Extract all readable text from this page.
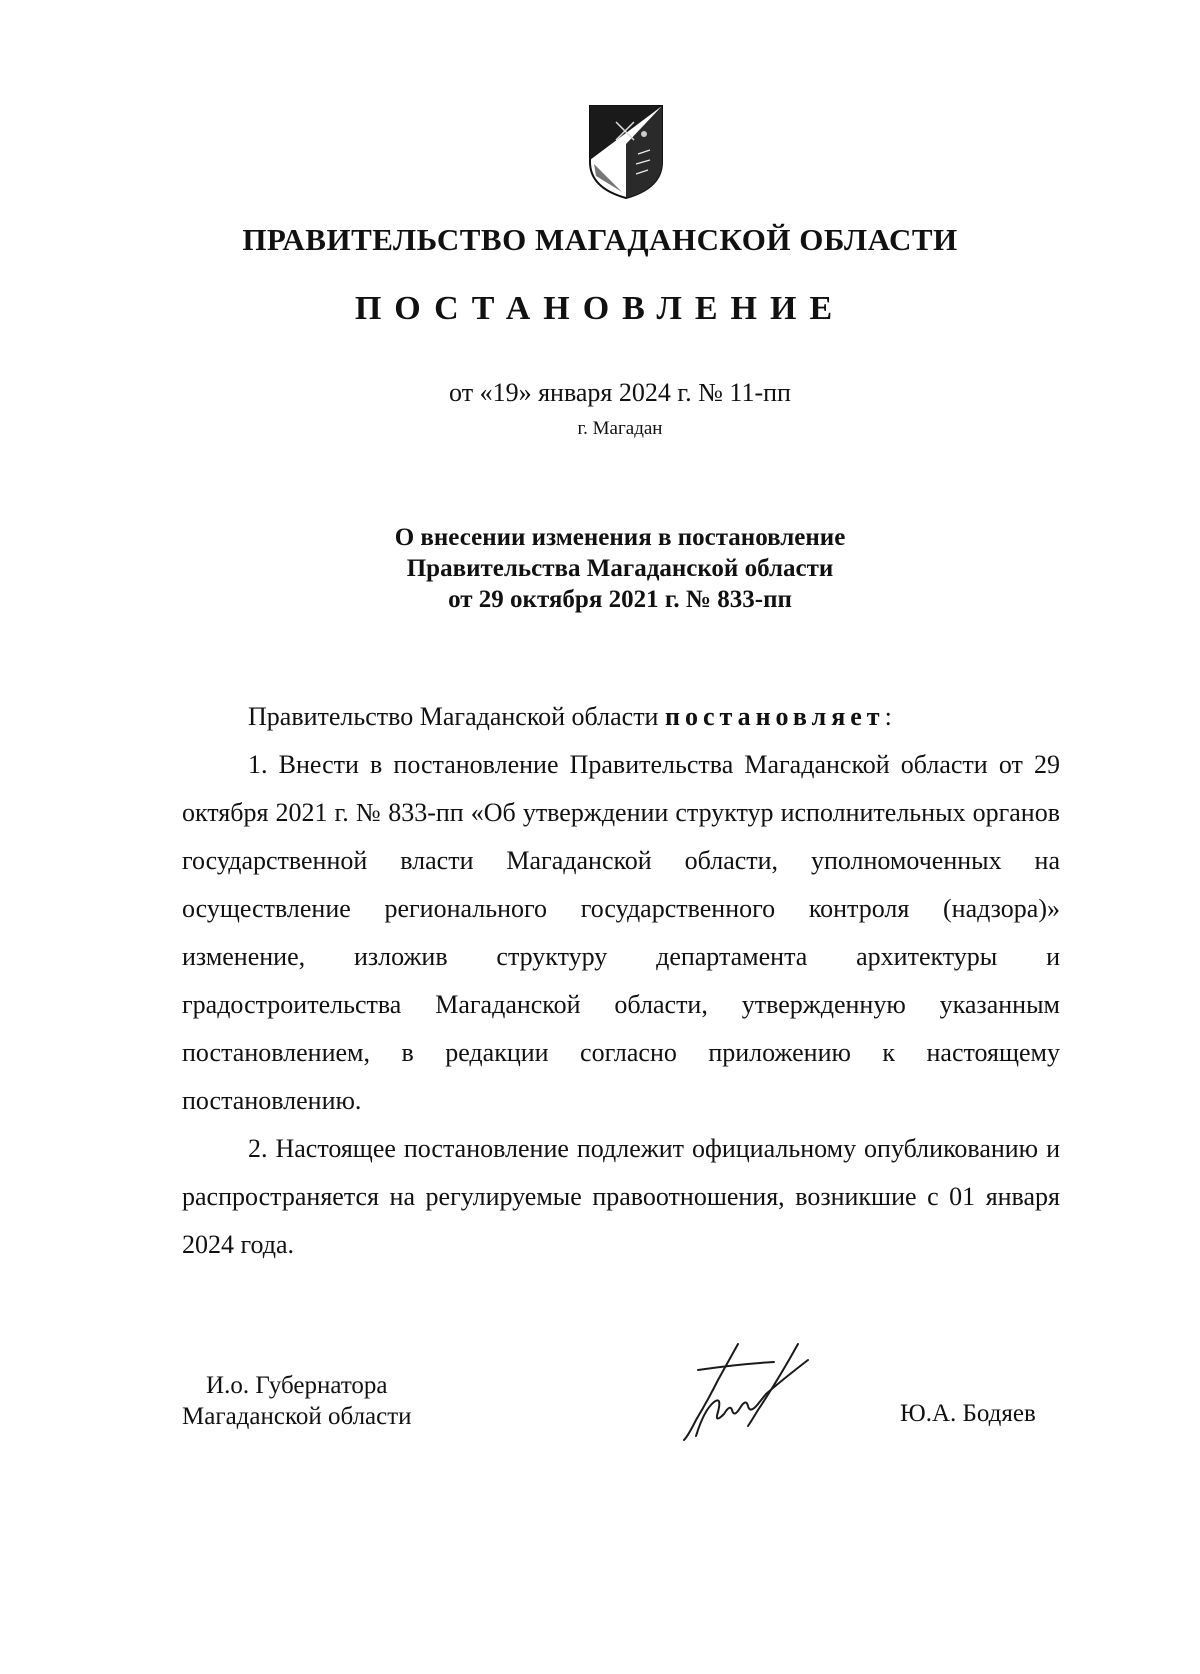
ПРАВИТЕЛЬСТВО МАГАДАНСКОЙ ОБЛАСТИ
ПОСТАНОВЛЕНИЕ
от «19» января 2024 г. № 11-пп
г. Магадан
О внесении изменения в постановление
Правительства Магаданской области
от 29 октября 2021 г. № 833-пп

Правительство Магаданской области постановляет:

1. Внести в постановление Правительства Магаданской области от 29 октября 2021 г. № 833-пп «Об утверждении структур исполнительных органов государственной власти Магаданской области, уполномоченных на осуществление регионального государственного контроля (надзора)» изменение, изложив структуру департамента архитектуры и градостроительства Магаданской области, утвержденную указанным постановлением, в редакции согласно приложению к настоящему постановлению.

2. Настоящее постановление подлежит официальному опубликованию и распространяется на регулируемые правоотношения, возникшие с 01 января 2024 года.

И.о. Губернатора
Магаданской области	Ю.А. Бодяев
